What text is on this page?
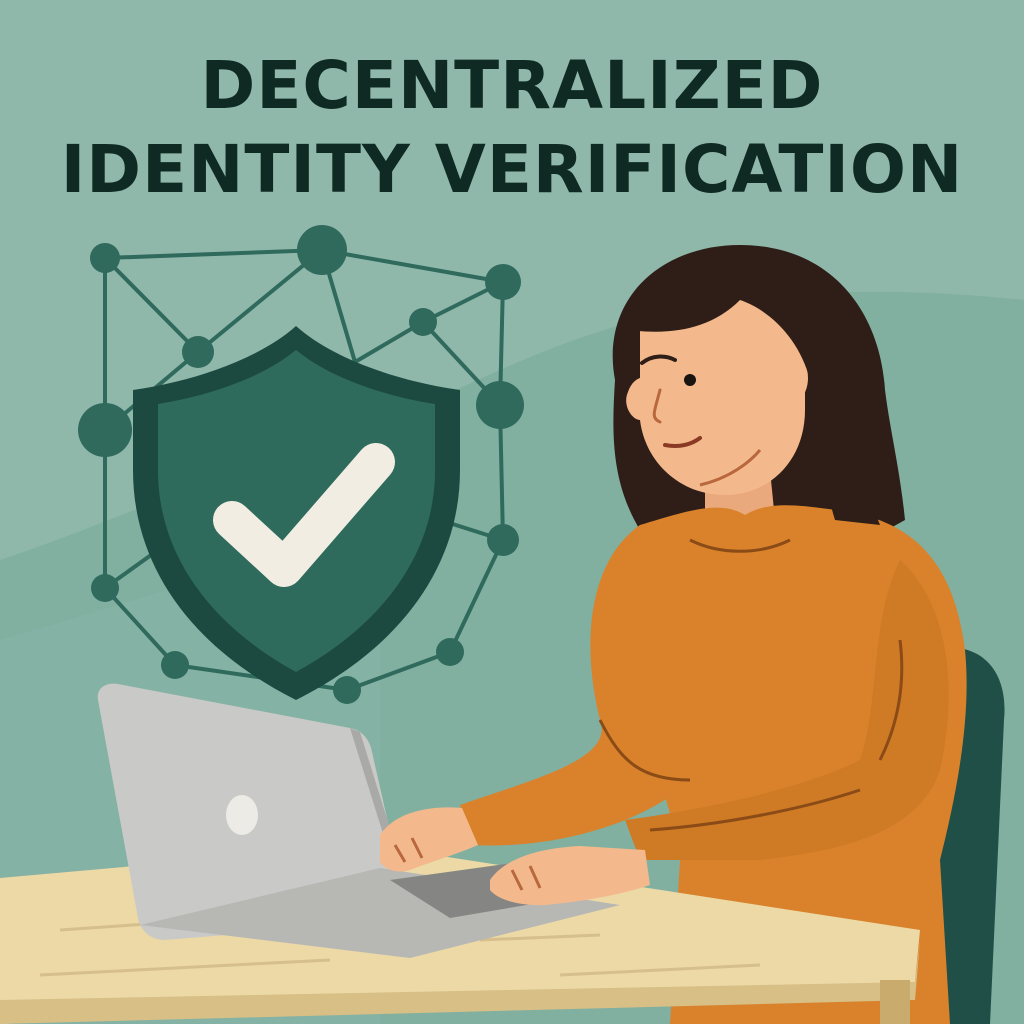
DECENTRALIZED
IDENTITY VERIFICATION
